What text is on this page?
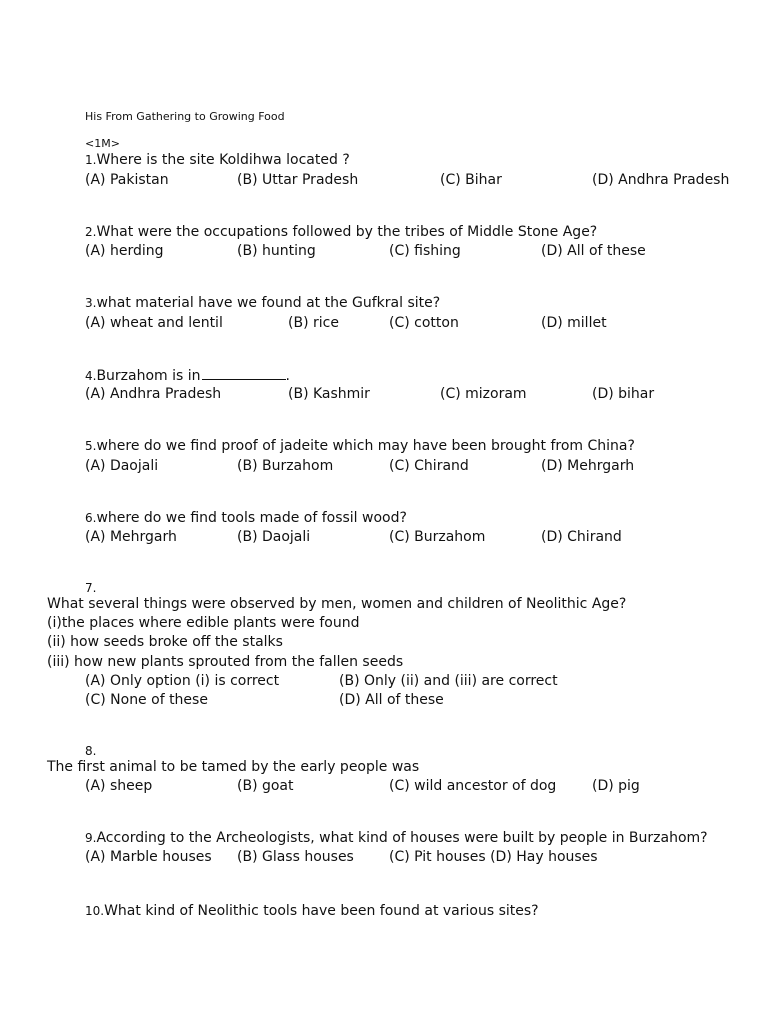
His From Gathering to Growing Food
<1M>
1.Where is the site Koldihwa located ?
(A) Pakistan	(B) Uttar Pradesh	(C) Bihar	(D) Andhra Pradesh
2.What were the occupations followed by the tribes of Middle Stone Age?
(A) herding	(B) hunting	(C) fishing	(D) All of these
3.what material have we found at the Gufkral site?
(A) wheat and lentil	(B) rice	(C) cotton	(D) millet
4.Burzahom is in	.
(A) Andhra Pradesh	(B) Kashmir	(C) mizoram	(D) bihar
5.where do we find proof of jadeite which may have been brought from China?
(A) Daojali	(B) Burzahom	(C) Chirand	(D) Mehrgarh
6.where do we find tools made of fossil wood?
(A) Mehrgarh	(B) Daojali	(C) Burzahom	(D) Chirand
7.
What several things were observed by men, women and children of Neolithic Age?
(i)the places where edible plants were found
(ii) how seeds broke off the stalks
(iii) how new plants sprouted from the fallen seeds
(A) Only option (i) is correct	(B) Only (ii) and (iii) are correct
(C) None of these	(D) All of these
8.
The first animal to be tamed by the early people was
(A) sheep	(B) goat	(C) wild ancestor of dog	(D) pig
9.According to the Archeologists, what kind of houses were built by people in Burzahom?
(A) Marble houses (B) Glass houses	(C) Pit houses (D) Hay houses
10.What kind of Neolithic tools have been found at various sites?
